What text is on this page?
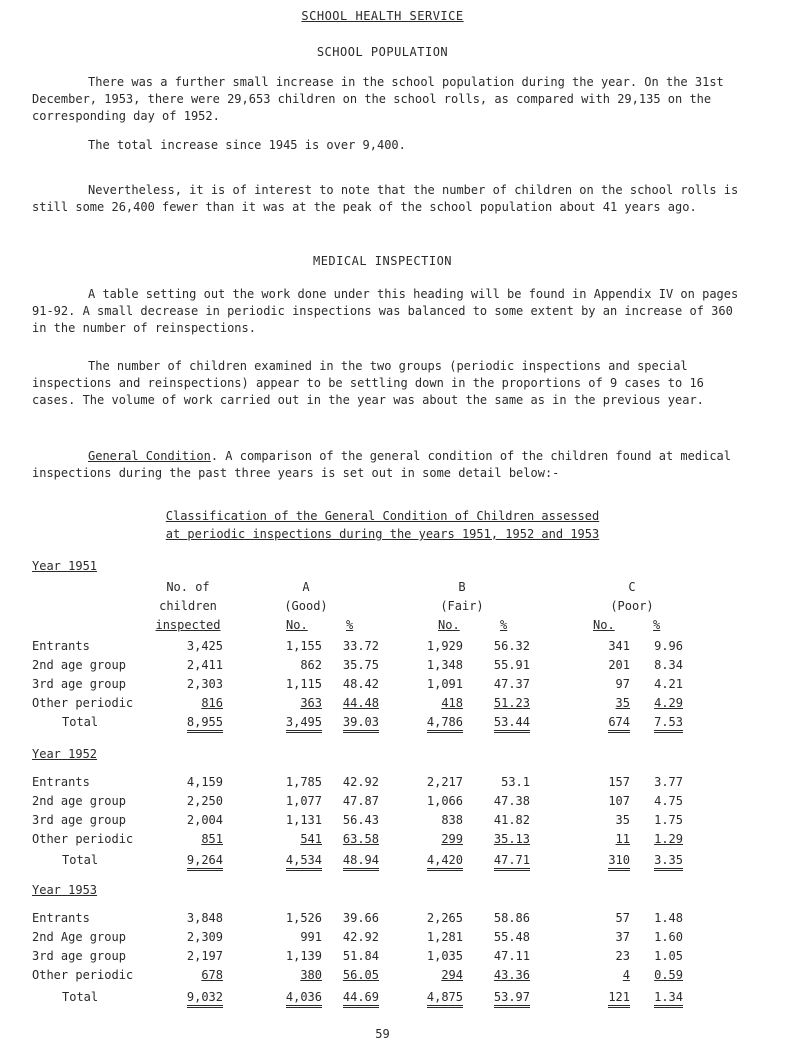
SCHOOL HEALTH SERVICE
SCHOOL POPULATION

There was a further small increase in the school population during the year. On the 31st December, 1953, there were 29,653 children on the school rolls, as compared with 29,135 on the corresponding day of 1952.

The total increase since 1945 is over 9,400.

Nevertheless, it is of interest to note that the number of children on the school rolls is still some 26,400 fewer than it was at the peak of the school population about 41 years ago.

MEDICAL INSPECTION

A table setting out the work done under this heading will be found in Appendix IV on pages 91-92. A small decrease in periodic inspections was balanced to some extent by an increase of 360 in the number of reinspections.

The number of children examined in the two groups (periodic inspections and special inspections and reinspections) appear to be settling down in the proportions of 9 cases to 16 cases. The volume of work carried out in the year was about the same as in the previous year.

General Condition. A comparison of the general condition of the children found at medical inspections during the past three years is set out in some detail below:-

Classification of the General Condition of Children assessed
at periodic inspections during the years 1951, 1952 and 1953
No. of
children
inspected
A
(Good)
B
(Fair)
C
(Poor)
No.	%	No.	%	No.	%
Year 1951
Entrants	3,425	1,155	33.72	1,929	56.32	341	9.96
2nd age group	2,411	862	35.75	1,348	55.91	201	8.34
3rd age group	2,303	1,115	48.42	1,091	47.37	97	4.21
Other periodic	816	363	44.48	418	51.23	35	4.29
Total	8,955	3,495	39.03	4,786	53.44	674	7.53
Year 1952
Entrants	4,159	1,785	42.92	2,217	53.1	157	3.77
2nd age group	2,250	1,077	47.87	1,066	47.38	107	4.75
3rd age group	2,004	1,131	56.43	838	41.82	35	1.75
Other periodic	851	541	63.58	299	35.13	11	1.29
Total	9,264	4,534	48.94	4,420	47.71	310	3.35
Year 1953
Entrants	3,848	1,526	39.66	2,265	58.86	57	1.48
2nd Age group	2,309	991	42.92	1,281	55.48	37	1.60
3rd age group	2,197	1,139	51.84	1,035	47.11	23	1.05
Other periodic	678	380	56.05	294	43.36	4	0.59
Total	9,032	4,036	44.69	4,875	53.97	121	1.34
59
